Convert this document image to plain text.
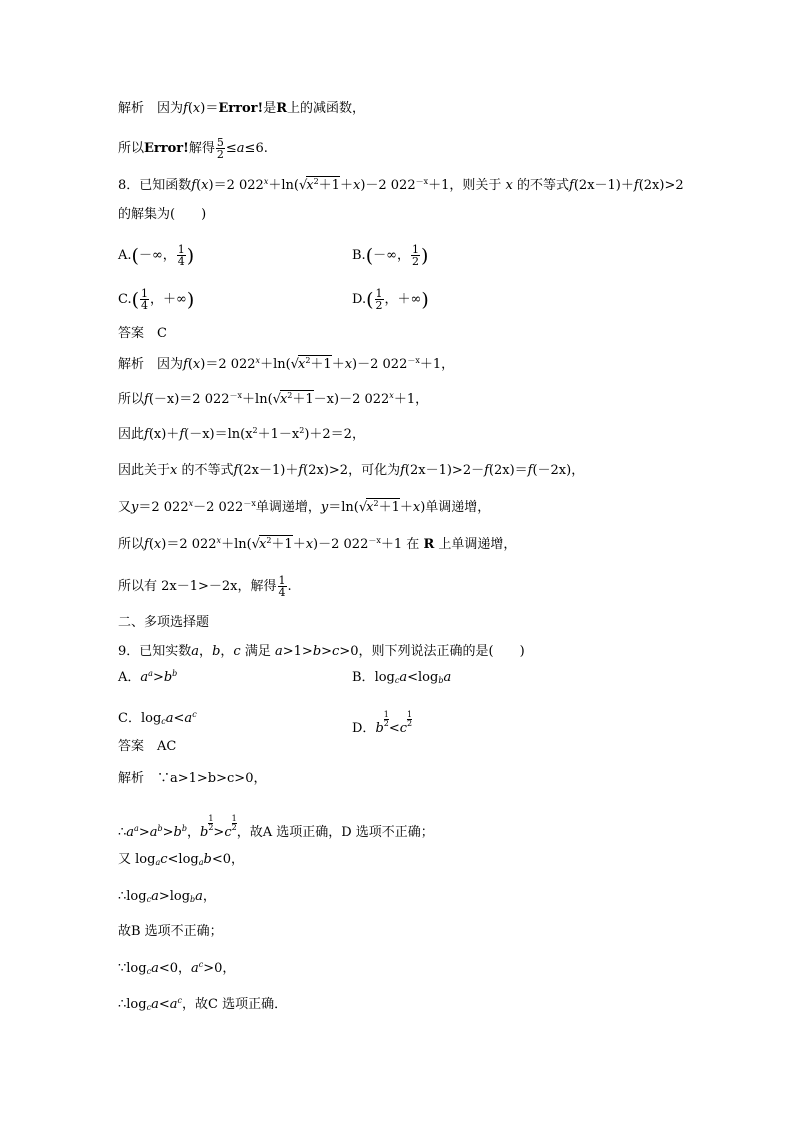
解析　因为f(x)＝Error!是R上的减函数，
所以Error!解得 $\frac{5}{2} \le a\le 6$.
8．已知函数f(x)＝2 $022^x+\ln(√x^2+1+x)-2$ $022^{-x}+1$，则关于 x 的不等式f(2x－1)＋f(2x)>2
的解集为(　　)
A.(－∞， $\frac{1}{4}$ )	B.(－∞， $\frac{1}{2}$ )
$C.( \frac{1}{4}$ ，＋∞)	$D.( \frac{1}{2}$ ，＋∞)
答案　C
解析　因为f(x)＝2 $022^x+\ln(√x^2+1+x)-2$ $022^{-x}+1$，
所以f(－x)＝2 $022^{-x}+\ln(√x^2+1-x)-2$ $022^x+1$，
因此$f(x)+f(-x)=\ln(x^2+1-x^2)+2=2$，
因此关于x 的不等式f(2x－1)＋f(2x)>2，可化为f(2x－1)>2－f(2x)＝f(－2x)，
又y＝2 $022^x-2$ $022^{-x}$单调递增，$y=\ln(√x^2+1+x)$单调递增，
所以f(x)＝2 $022^x+\ln(√x^2+1+x)-2$ $022^{-x}+1$ 在 R 上单调递增，
所以有 2x－1>－2x，解得 $\frac{1}{4}$ .
二、多项选择题
9．已知实数a，b，c 满足 a>1>b>c>0，则下列说法正确的是(　　)
A．$a^a>b^b$	B．$\log_ca<\log_ba$
C．$\log_ca<a^c$
D．b
$\frac{1}{2}$
<c
$\frac{1}{2}$
答案　AC
解析　∵a>1>b>c>0，
$\therefore a^a>a^b>b^b$，b
$\frac{1}{2}$
>c
$\frac{1}{2}$
，故A 选项正确，D 选项不正确；
又 $\log_ac<\log_ab<0$，
$\therefore\log_ca>\log_ba$，
故B 选项不正确；
$\because\log_ca<0$，$a^c>0$，
$\therefore\log_ca<a^c$，故C 选项正确．
